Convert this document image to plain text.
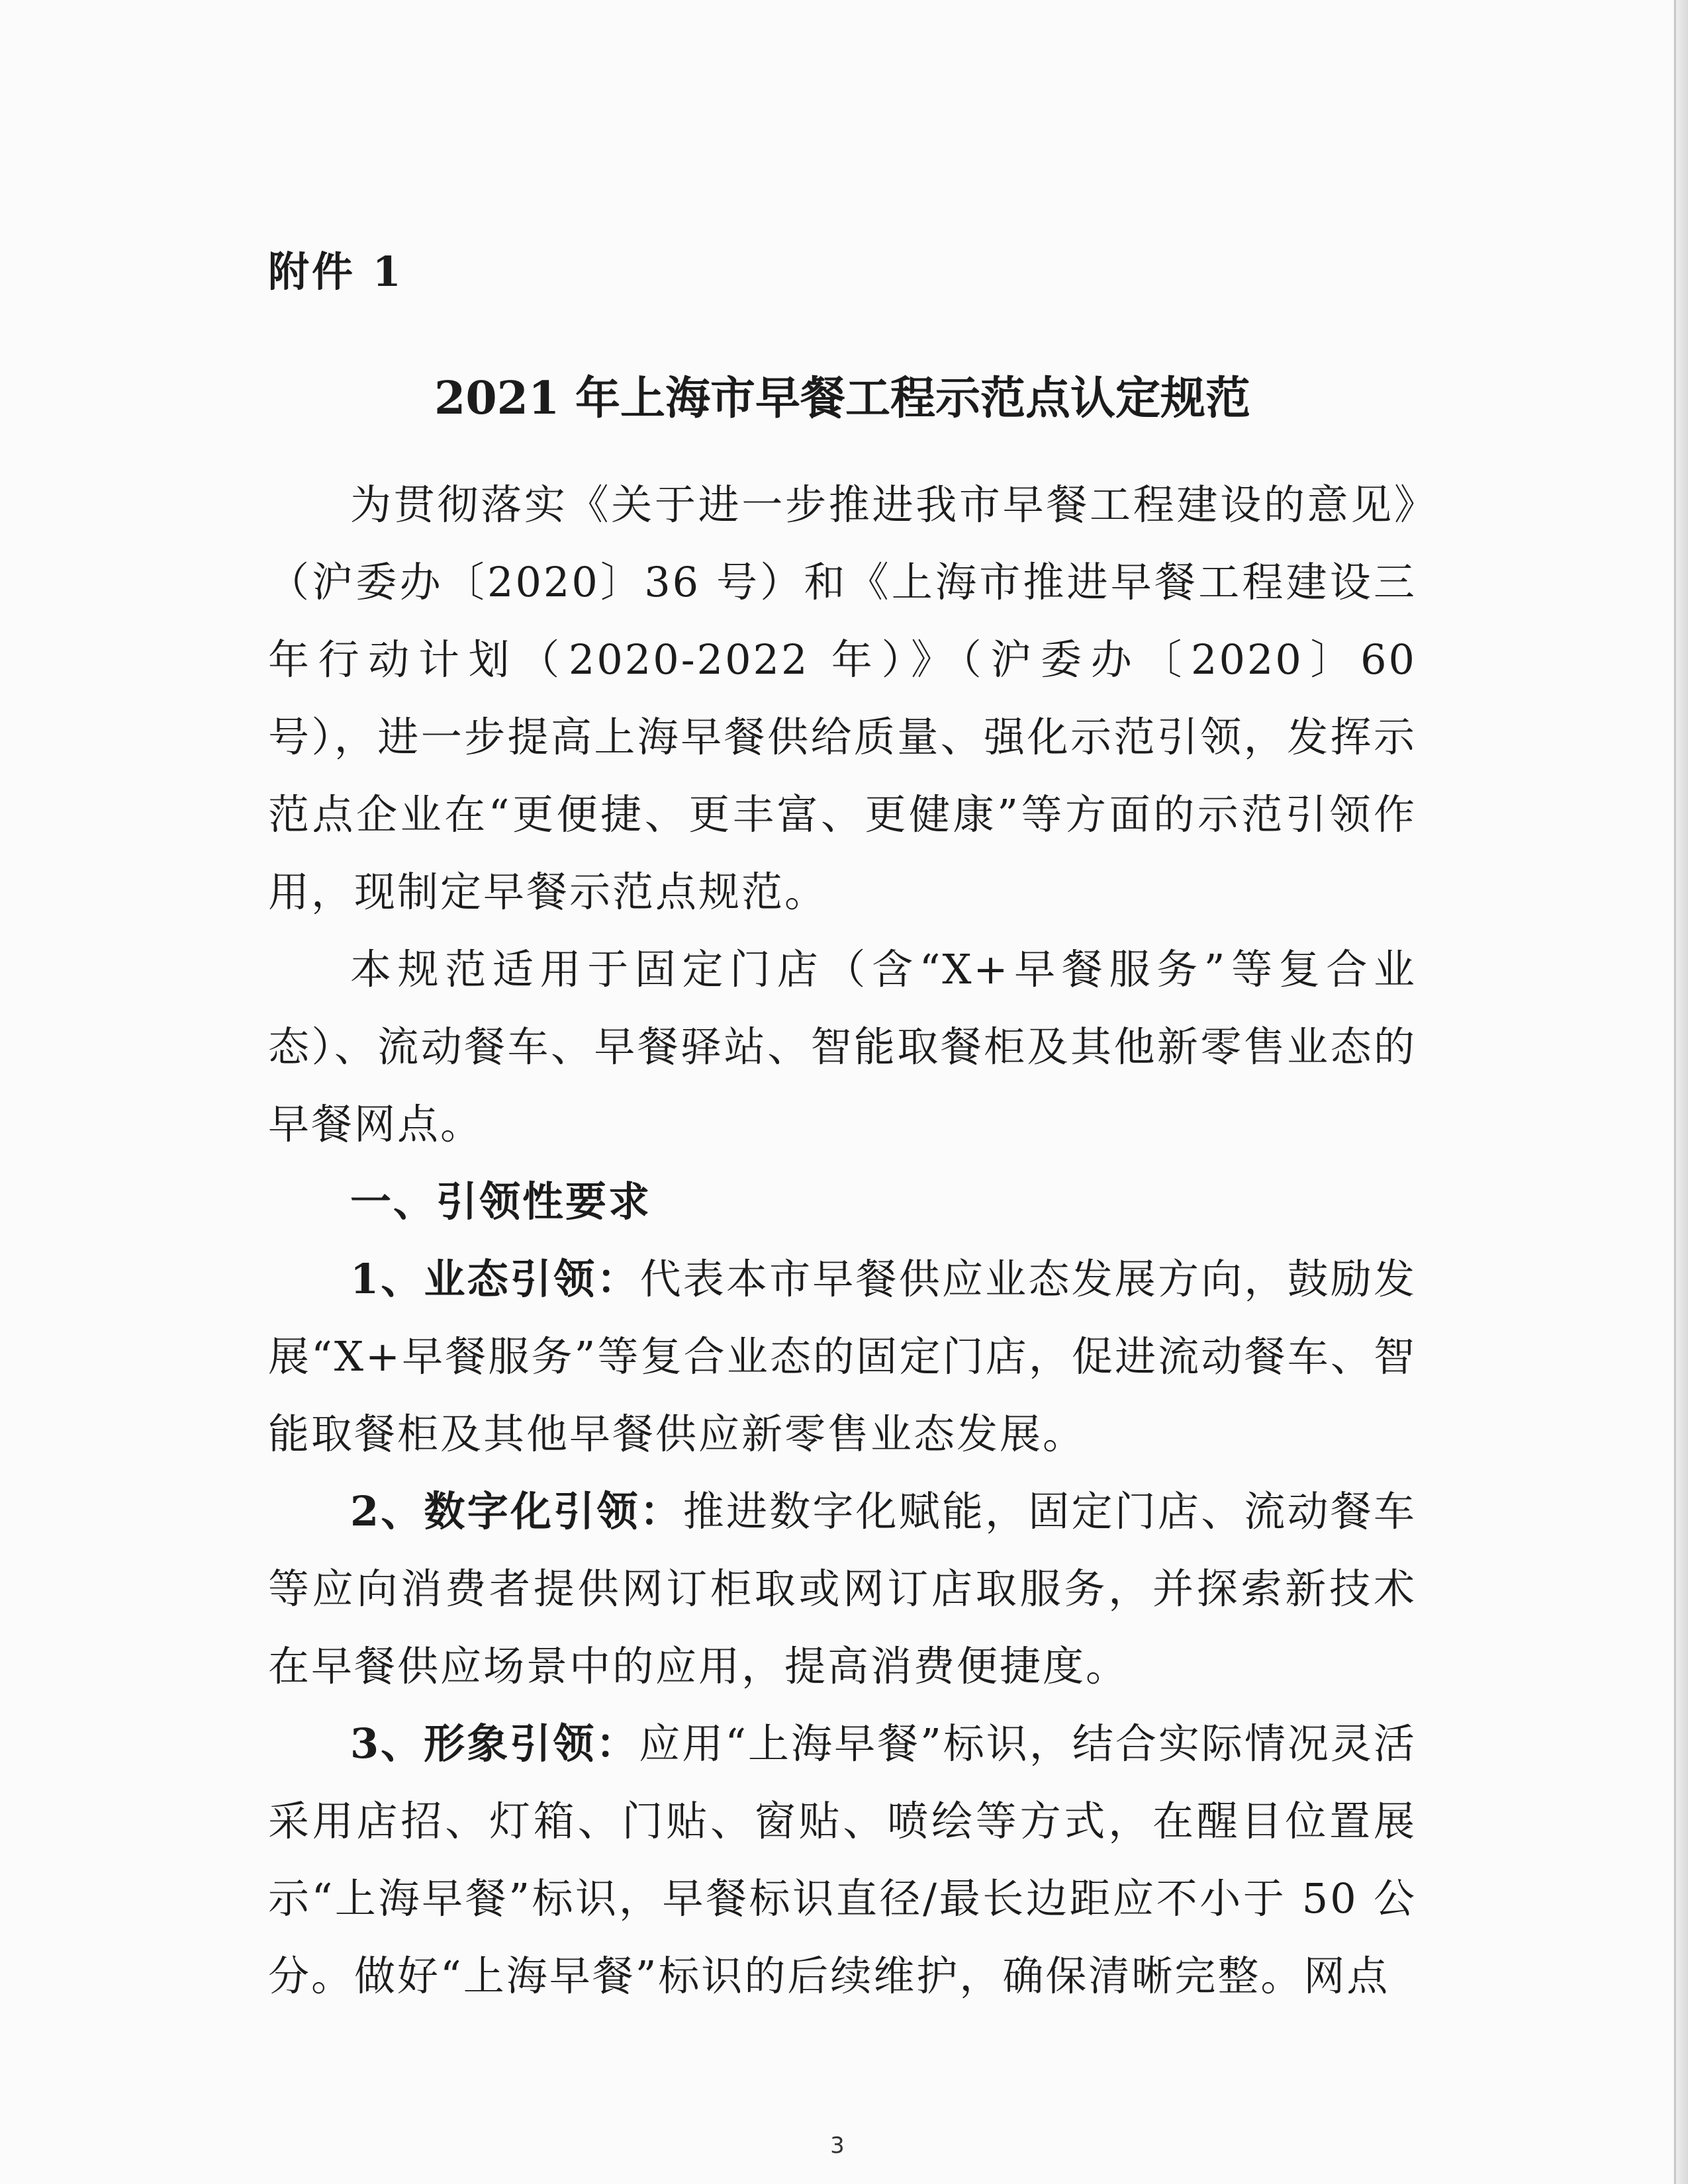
附件 1

2021 年上海市早餐工程示范点认定规范

为贯彻落实《关于进一步推进我市早餐工程建设的意见》（沪委办〔2020〕36 号）和《上海市推进早餐工程建设三年行动计划（2020-2022 年）》（沪委办〔2020〕60 号），进一步提高上海早餐供给质量、强化示范引领，发挥示范点企业在“更便捷、更丰富、更健康”等方面的示范引领作用，现制定早餐示范点规范。

本规范适用于固定门店（含“X+早餐服务”等复合业态）、流动餐车、早餐驿站、智能取餐柜及其他新零售业态的早餐网点。

一、引领性要求

1、业态引领：代表本市早餐供应业态发展方向，鼓励发展“X+早餐服务”等复合业态的固定门店，促进流动餐车、智能取餐柜及其他早餐供应新零售业态发展。

2、数字化引领：推进数字化赋能，固定门店、流动餐车等应向消费者提供网订柜取或网订店取服务，并探索新技术在早餐供应场景中的应用，提高消费便捷度。

3、形象引领：应用“上海早餐”标识，结合实际情况灵活采用店招、灯箱、门贴、窗贴、喷绘等方式，在醒目位置展示“上海早餐”标识，早餐标识直径/最长边距应不小于 50 公分。做好“上海早餐”标识的后续维护，确保清晰完整。网点

3
